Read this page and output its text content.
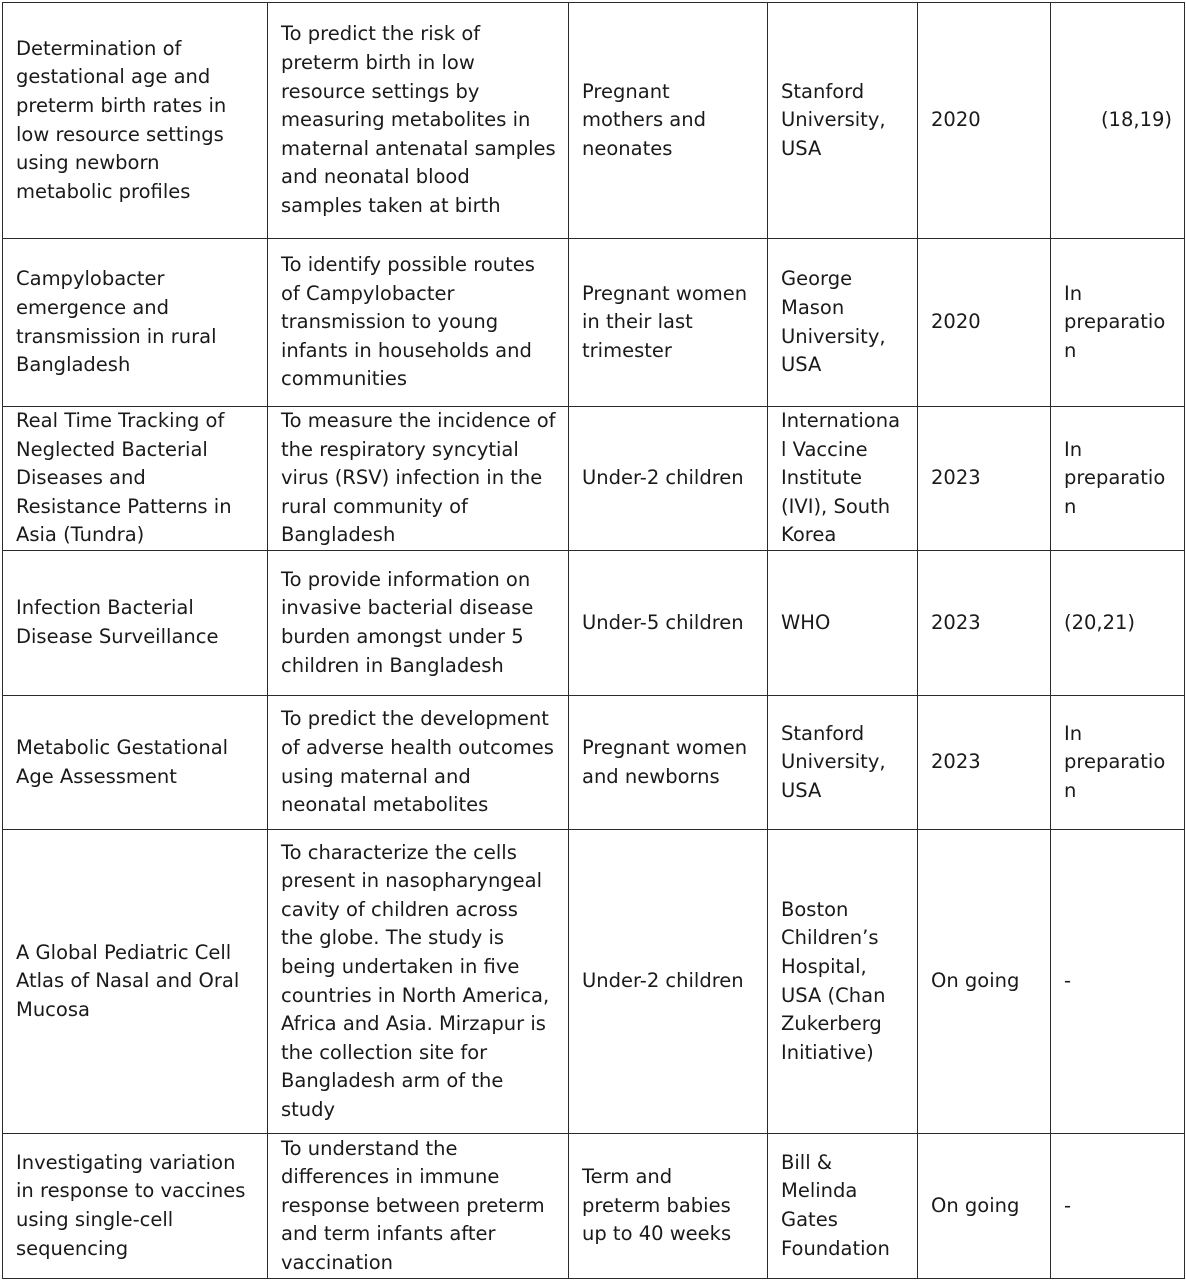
Determination of gestational age and preterm birth rates in low resource settings using newborn metabolic profiles	To predict the risk of preterm birth in low resource settings by measuring metabolites in maternal antenatal samples and neonatal blood samples taken at birth	Pregnant mothers and neonates	Stanford University, USA	2020	(18,19)
Campylobacter emergence and transmission in rural Bangladesh	To identify possible routes of Campylobacter transmission to young infants in households and communities	Pregnant women in their last trimester	George Mason University, USA	2020	In preparatio n
Real Time Tracking of Neglected Bacterial Diseases and Resistance Patterns in Asia (Tundra)	To measure the incidence of the respiratory syncytial virus (RSV) infection in the rural community of Bangladesh	Under-2 children	Internationa l Vaccine Institute (IVI), South Korea	2023	In preparatio n
Infection Bacterial Disease Surveillance	To provide information on invasive bacterial disease burden amongst under 5 children in Bangladesh	Under-5 children	WHO	2023	(20,21)
Metabolic Gestational Age Assessment	To predict the development of adverse health outcomes using maternal and neonatal metabolites	Pregnant women and newborns	Stanford University, USA	2023	In preparatio n
A Global Pediatric Cell Atlas of Nasal and Oral Mucosa	To characterize the cells present in nasopharyngeal cavity of children across the globe. The study is being undertaken in five countries in North America, Africa and Asia. Mirzapur is the collection site for Bangladesh arm of the study	Under-2 children	Boston Children’s Hospital, USA (Chan Zukerberg Initiative)	On going	-
Investigating variation in response to vaccines using single-cell sequencing	To understand the differences in immune response between preterm and term infants after vaccination	Term and preterm babies up to 40 weeks	Bill & Melinda Gates Foundation	On going	-
